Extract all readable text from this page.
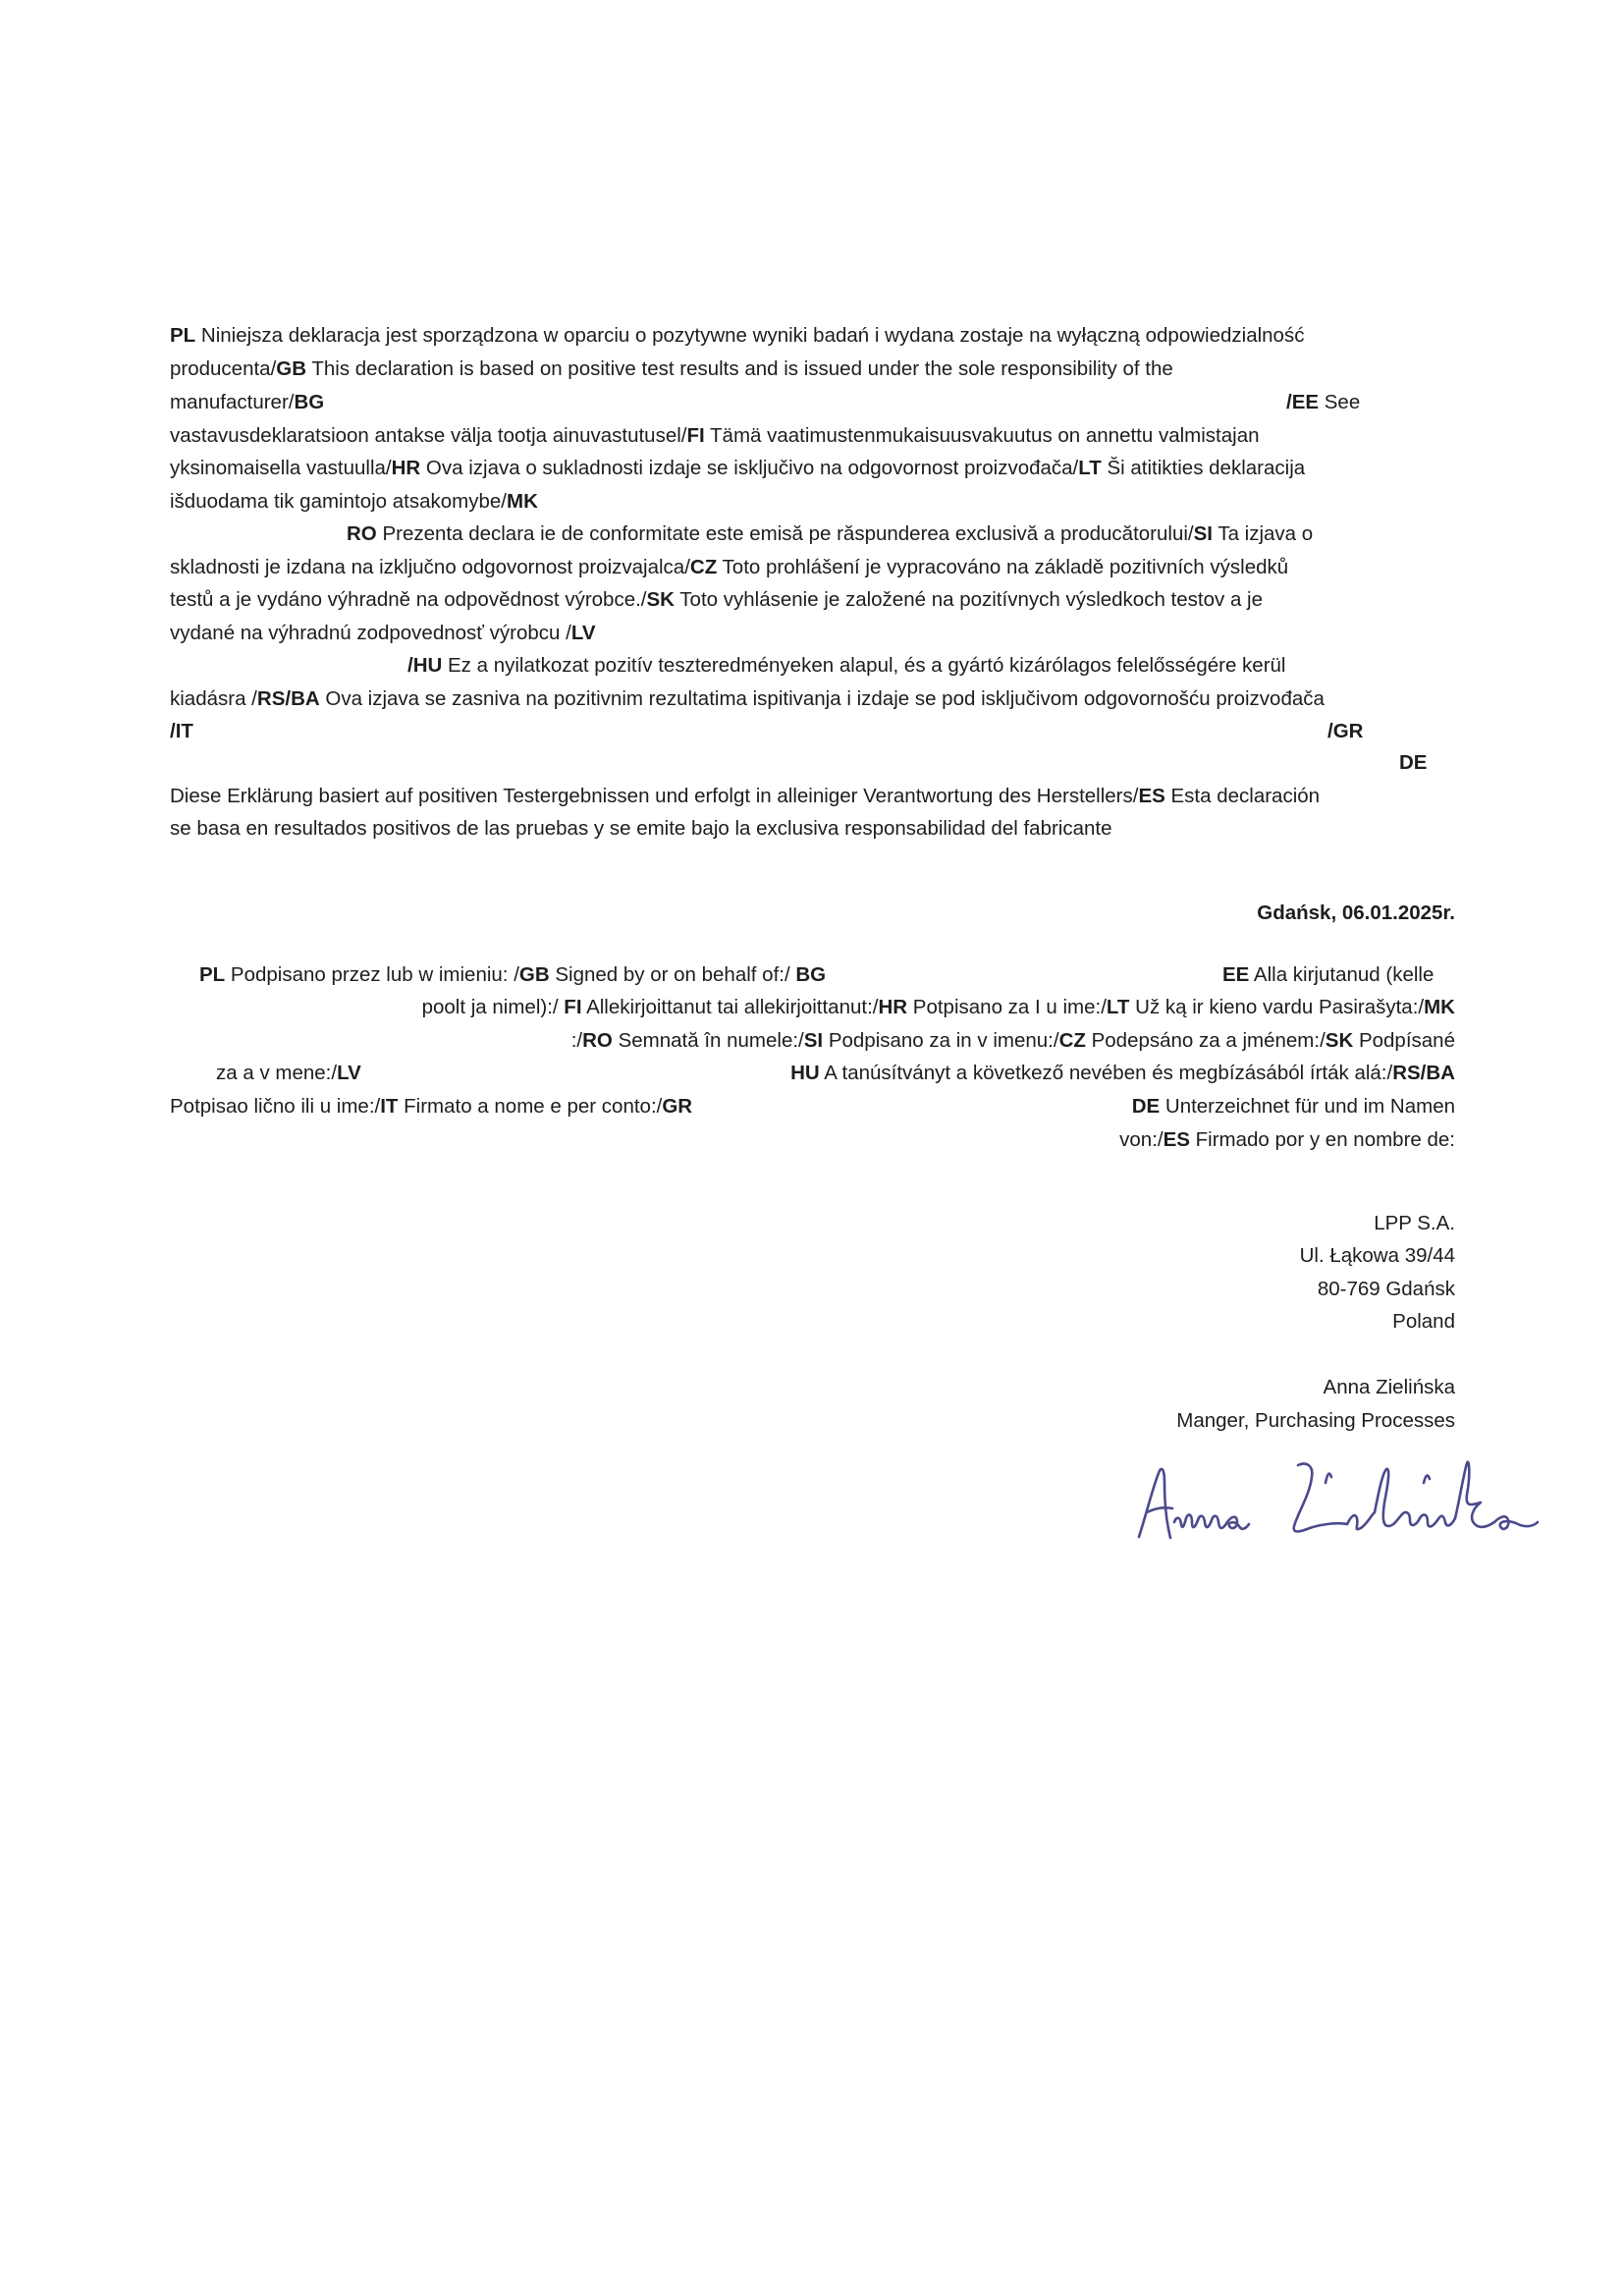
PL Niniejsza deklaracja jest sporządzona w oparciu o pozytywne wyniki badań i wydana zostaje na wyłączną odpowiedzialność
producenta/GB This declaration is based on positive test results and is issued under the sole responsibility of the
manufacturer/BG	/EE See
vastavusdeklaratsioon antakse välja tootja ainuvastutusel/FI Tämä vaatimustenmukaisuusvakuutus on annettu valmistajan
yksinomaisella vastuulla/HR Ova izjava o sukladnosti izdaje se isključivo na odgovornost proizvođača/LT Ši atitikties deklaracija
išduodama tik gamintojo atsakomybe/MK
RO Prezenta declara ie de conformitate este emisă pe răspunderea exclusivă a producătorului/SI Ta izjava o
skladnosti je izdana na izključno odgovornost proizvajalca/CZ Toto prohlášení je vypracováno na základě pozitivních výsledků
testů a je vydáno výhradně na odpovědnost výrobce./SK Toto vyhlásenie je založené na pozitívnych výsledkoch testov a je
vydané na výhradnú zodpovednosť výrobcu /LV
/HU Ez a nyilatkozat pozitív teszteredményeken alapul, és a gyártó kizárólagos felelősségére kerül
kiadásra /RS/BA Ova izjava se zasniva na pozitivnim rezultatima ispitivanja i izdaje se pod isključivom odgovornošću proizvođača
/IT	/GR
DE
Diese Erklärung basiert auf positiven Testergebnissen und erfolgt in alleiniger Verantwortung des Herstellers/ES Esta declaración
se basa en resultados positivos de las pruebas y se emite bajo la exclusiva responsabilidad del fabricante
Gdańsk, 06.01.2025r.
PL Podpisano przez lub w imieniu: /GB Signed by or on behalf of:/ BG	EE Alla kirjutanud (kelle
poolt ja nimel):/ FI Allekirjoittanut tai allekirjoittanut:/HR Potpisano za I u ime:/LT Už ką ir kieno vardu Pasirašyta:/MK
:/RO Semnată în numele:/SI Podpisano za in v imenu:/CZ Podepsáno za a jménem:/SK Podpísané
za a v mene:/LV	HU A tanúsítványt a következő nevében és megbízásából írták alá:/RS/BA
Potpisao lično ili u ime:/IT Firmato a nome e per conto:/GR	DE Unterzeichnet für und im Namen
von:/ES Firmado por y en nombre de:
LPP S.A.
Ul. Łąkowa 39/44
80-769 Gdańsk
Poland
Anna Zielińska
Manger, Purchasing Processes
